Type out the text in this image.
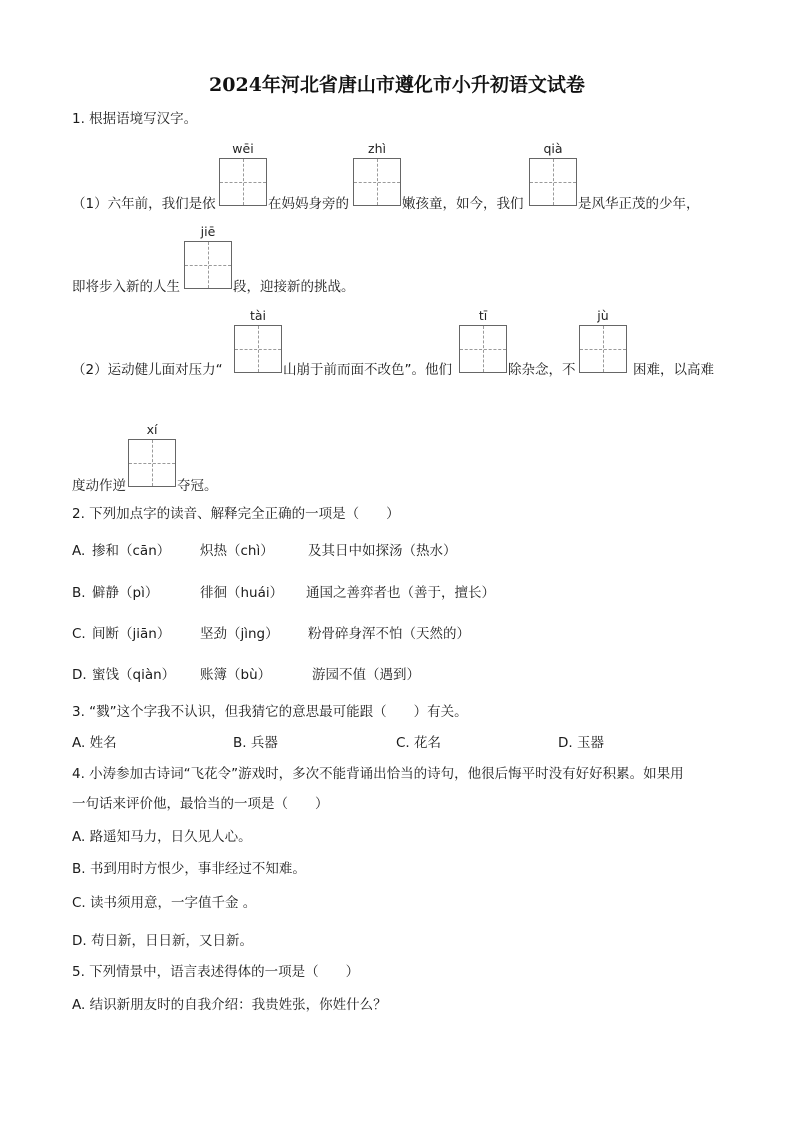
2024年河北省唐山市遵化市小升初语文试卷
1. 根据语境写汉字。
wēi	zhì	qià
（1）六年前，我们是依	在妈妈身旁的	嫩孩童，如今，我们	是风华正茂的少年，
jiē
即将步入新的人生	段，迎接新的挑战。
tài	tī	jù
（2）运动健儿面对压力“	山崩于前而面不改色”。他们	除杂念，不	困难，以高难
xí
度动作逆	夺冠。
2. 下列加点字的读音、解释完全正确的一项是（　　）
A. 掺和（cān） 炽热（chì）	及其日中如探汤（热水）
B. 僻静（pì）	徘徊（huái） 通国之善弈者也（善于，擅长）
C. 间断（jiān） 坚劲（jìng） 粉骨碎身浑不怕（天然的）
D. 蜜饯（qiàn） 账簿（bù）	游园不值（遇到）
3. “戮”这个字我不认识，但我猜它的意思最可能跟（　　）有关。
A. 姓名	B. 兵器	C. 花名	D. 玉器
4. 小涛参加古诗词“飞花令”游戏时，多次不能背诵出恰当的诗句，他很后悔平时没有好好积累。如果用
一句话来评价他，最恰当的一项是（　　）
A. 路遥知马力，日久见人心。
B. 书到用时方恨少，事非经过不知难。
C. 读书须用意，一字值千金 。
D. 苟日新，日日新，又日新。
5. 下列情景中，语言表述得体的一项是（　　）
A. 结识新朋友时的自我介绍：我贵姓张，你姓什么？
